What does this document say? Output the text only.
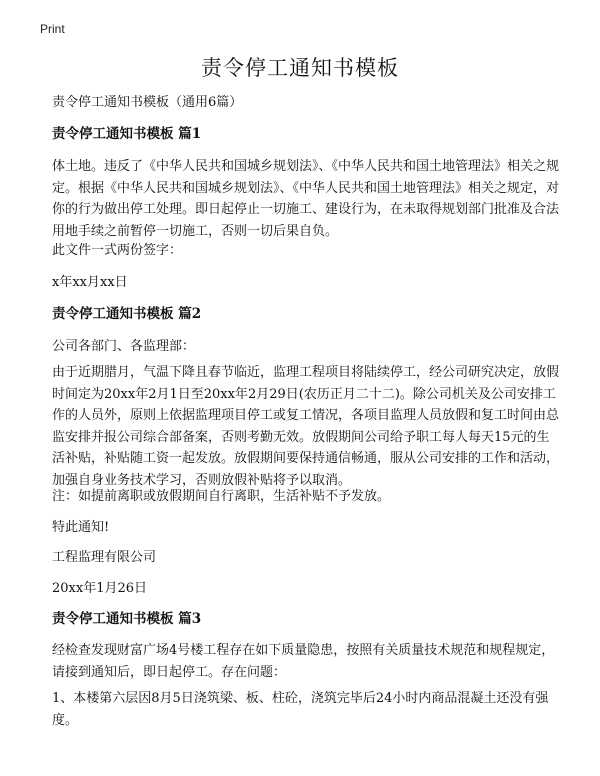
Print
责令停工通知书模板
责令停工通知书模板（通用6篇）
责令停工通知书模板 篇1
体土地。违反了《中华人民共和国城乡规划法》、《中华人民共和国土地管理法》相关之规定。根据《中华人民共和国城乡规划法》、《中华人民共和国土地管理法》相关之规定，对你的行为做出停工处理。即日起停止一切施工、建设行为，在未取得规划部门批准及合法用地手续之前暂停一切施工，否则一切后果自负。
此文件一式两份签字：
x年xx月xx日
责令停工通知书模板 篇2
公司各部门、各监理部：
由于近期腊月，气温下降且春节临近，监理工程项目将陆续停工，经公司研究决定，放假时间定为20xx年2月1日至20xx年2月29日(农历正月二十二)。除公司机关及公司安排工作的人员外，原则上依据监理项目停工或复工情况，各项目监理人员放假和复工时间由总监安排并报公司综合部备案，否则考勤无效。放假期间公司给予职工每人每天15元的生活补贴，补贴随工资一起发放。放假期间要保持通信畅通，服从公司安排的工作和活动，加强自身业务技术学习，否则放假补贴将予以取消。
注：如提前离职或放假期间自行离职，生活补贴不予发放。
特此通知!
工程监理有限公司
20xx年1月26日
责令停工通知书模板 篇3
经检查发现财富广场4号楼工程存在如下质量隐患，按照有关质量技术规范和规程规定，请接到通知后，即日起停工。存在问题：
1、本楼第六层因8月5日浇筑梁、板、柱砼，浇筑完毕后24小时内商品混凝土还没有强度。
